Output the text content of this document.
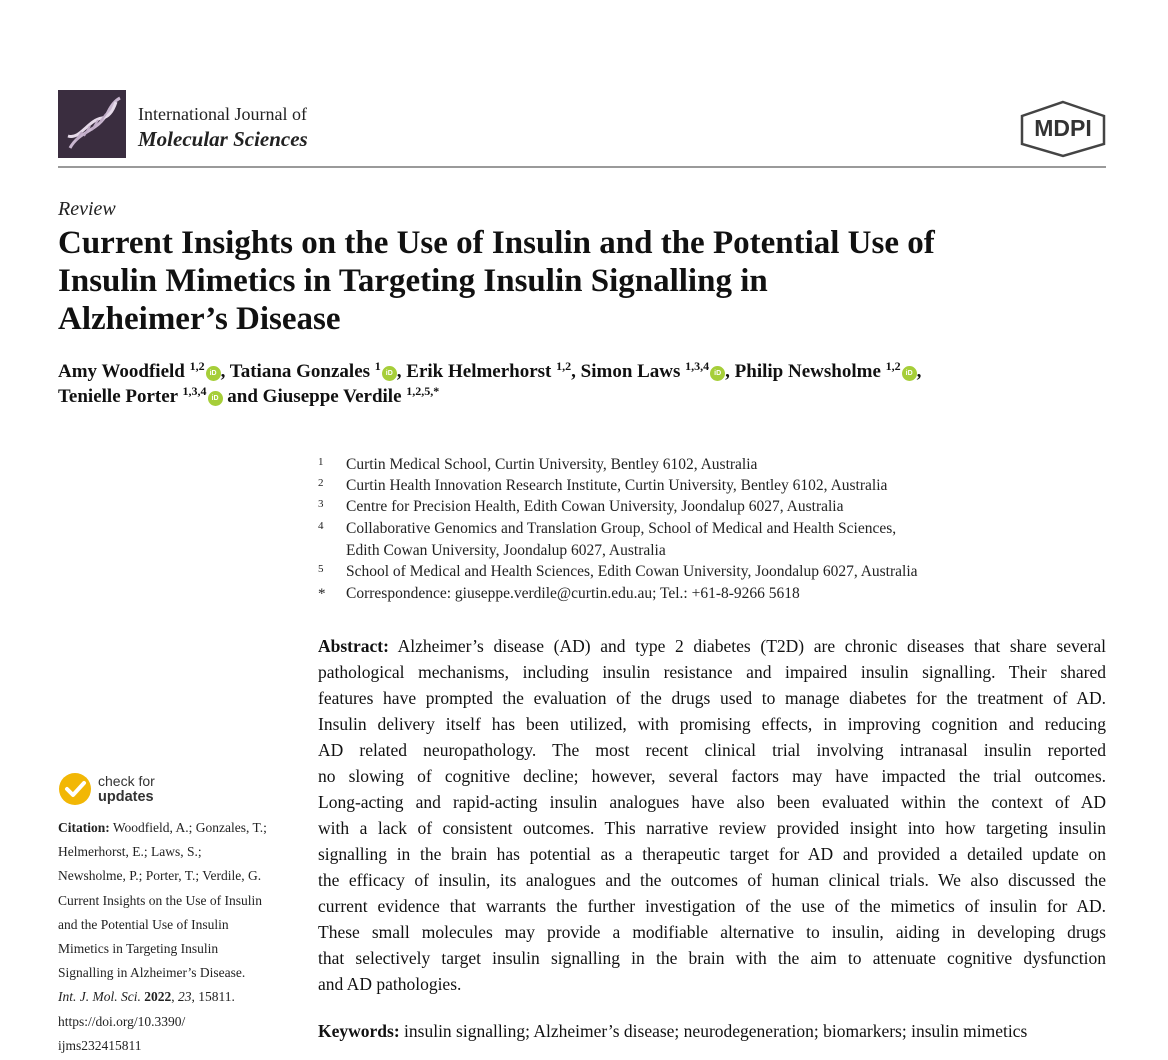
International Journal of
Molecular Sciences	MDPI
Review
Current Insights on the Use of Insulin and the Potential Use of
Insulin Mimetics in Targeting Insulin Signalling in
Alzheimer’s Disease
Amy Woodfield $^{1,2}$iD , Tatiana Gonzales $^1$iD , Erik Helmerhorst $^{1,2}$, Simon Laws $^{1,3,4}$iD , Philip Newsholme $^{1,2}$iD ,
Tenielle Porter $^{1,3,4}$iD and Giuseppe Verdile $^{1,2,5,*}$
1 Curtin Medical School, Curtin University, Bentley 6102, Australia
2 Curtin Health Innovation Research Institute, Curtin University, Bentley 6102, Australia
3 Centre for Precision Health, Edith Cowan University, Joondalup 6027, Australia
4 Collaborative Genomics and Translation Group, School of Medical and Health Sciences,
Edith Cowan University, Joondalup 6027, Australia
5 School of Medical and Health Sciences, Edith Cowan University, Joondalup 6027, Australia
* Correspondence: giuseppe.verdile@curtin.edu.au; Tel.: +61-8-9266 5618
Abstract: Alzheimer’s disease (AD) and type 2 diabetes (T2D) are chronic diseases that share several
pathological mechanisms, including insulin resistance and impaired insulin signalling. Their shared
features have prompted the evaluation of the drugs used to manage diabetes for the treatment of AD.
Insulin delivery itself has been utilized, with promising effects, in improving cognition and reducing
AD related neuropathology. The most recent clinical trial involving intranasal insulin reported
no slowing of cognitive decline; however, several factors may have impacted the trial outcomes.
Long-acting and rapid-acting insulin analogues have also been evaluated within the context of AD
with a lack of consistent outcomes. This narrative review provided insight into how targeting insulin
signalling in the brain has potential as a therapeutic target for AD and provided a detailed update on
the efficacy of insulin, its analogues and the outcomes of human clinical trials. We also discussed the
current evidence that warrants the further investigation of the use of the mimetics of insulin for AD.
These small molecules may provide a modifiable alternative to insulin, aiding in developing drugs
that selectively target insulin signalling in the brain with the aim to attenuate cognitive dysfunction
and AD pathologies.
Keywords: insulin signalling; Alzheimer’s disease; neurodegeneration; biomarkers; insulin mimetics
check for
updates
Citation: Woodfield, A.; Gonzales, T.;
Helmerhorst, E.; Laws, S.;
Newsholme, P.; Porter, T.; Verdile, G.
Current Insights on the Use of Insulin
and the Potential Use of Insulin
Mimetics in Targeting Insulin
Signalling in Alzheimer’s Disease.
Int. J. Mol. Sci. 2022, 23, 15811.
https://doi.org/10.3390/
ijms232415811
